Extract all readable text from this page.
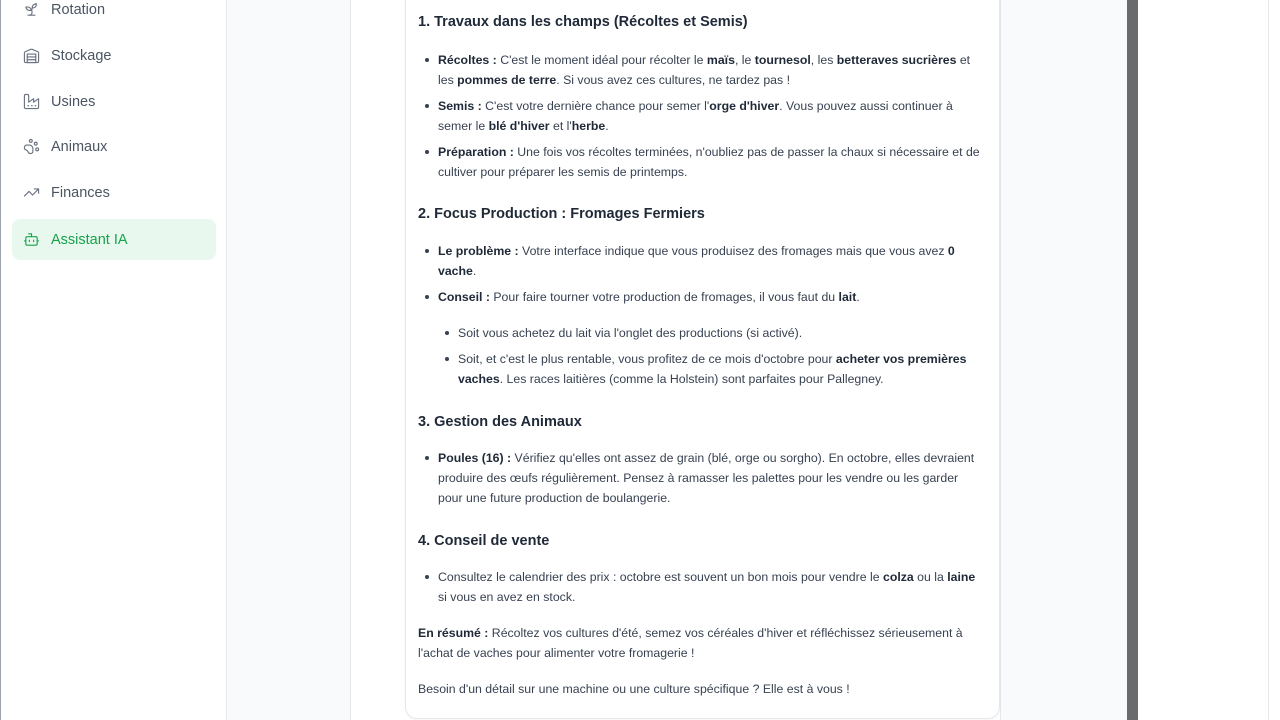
Rotation
Stockage
Usines
Animaux
Finances
Assistant IA
1. Travaux dans les champs (Récoltes et Semis)
Récoltes : C'est le moment idéal pour récolter le maïs, le tournesol, les betteraves sucrières et les pommes de terre. Si vous avez ces cultures, ne tardez pas !
Semis : C'est votre dernière chance pour semer l'orge d'hiver. Vous pouvez aussi continuer à semer le blé d'hiver et l'herbe.
Préparation : Une fois vos récoltes terminées, n'oubliez pas de passer la chaux si nécessaire et de cultiver pour préparer les semis de printemps.
2. Focus Production : Fromages Fermiers
Le problème : Votre interface indique que vous produisez des fromages mais que vous avez 0 vache.
Conseil : Pour faire tourner votre production de fromages, il vous faut du lait.
Soit vous achetez du lait via l'onglet des productions (si activé).
Soit, et c'est le plus rentable, vous profitez de ce mois d'octobre pour acheter vos premières vaches. Les races laitières (comme la Holstein) sont parfaites pour Pallegney.
3. Gestion des Animaux
Poules (16) : Vérifiez qu'elles ont assez de grain (blé, orge ou sorgho). En octobre, elles devraient produire des œufs régulièrement. Pensez à ramasser les palettes pour les vendre ou les garder pour une future production de boulangerie.
4. Conseil de vente
Consultez le calendrier des prix : octobre est souvent un bon mois pour vendre le colza ou la laine si vous en avez en stock.

En résumé : Récoltez vos cultures d'été, semez vos céréales d'hiver et réfléchissez sérieusement à l'achat de vaches pour alimenter votre fromagerie !

Besoin d'un détail sur une machine ou une culture spécifique ? Elle est à vous !
